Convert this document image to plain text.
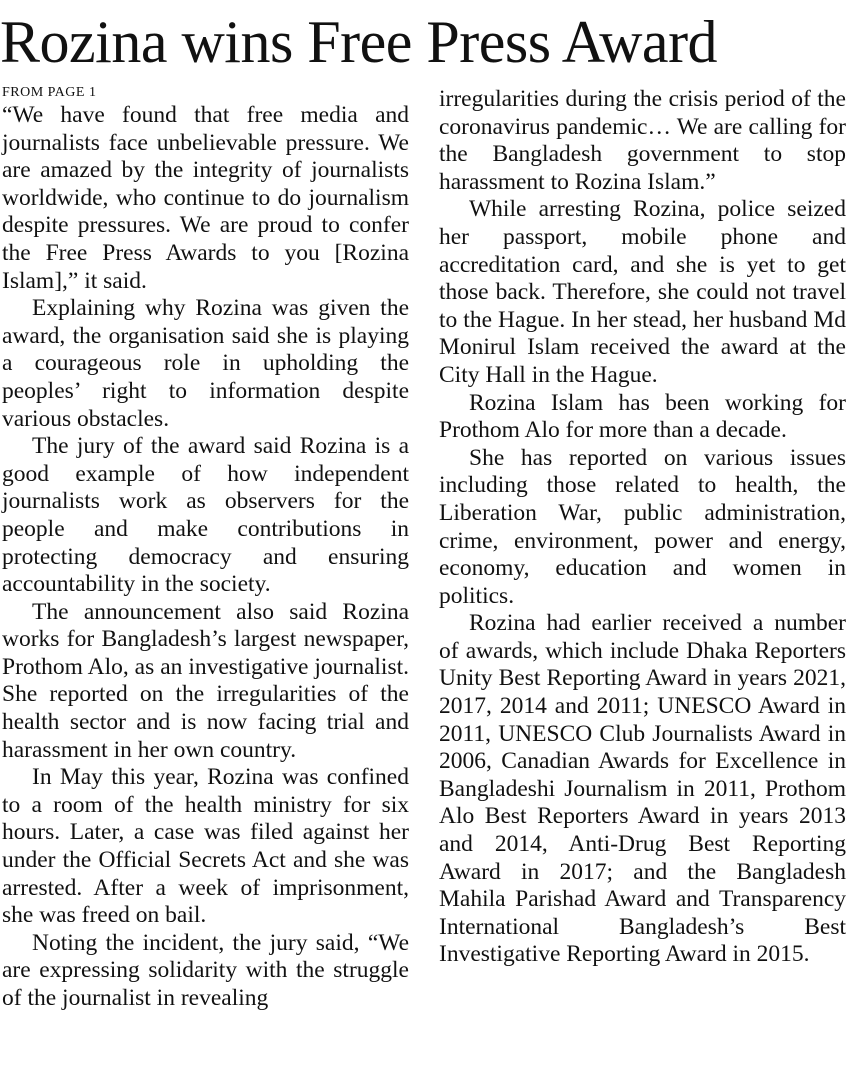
Rozina wins Free Press Award

FROM PAGE 1

“We have found that free media and journalists face unbelievable pressure. We are amazed by the integrity of journalists worldwide, who continue to do journalism despite pressures. We are proud to confer the Free Press Awards to you [Rozina Islam],” it said.

Explaining why Rozina was given the award, the organisation said she is playing a courageous role in upholding the peoples’ right to information despite various obstacles.

The jury of the award said Rozina is a good example of how independent journalists work as observers for the people and make contributions in protecting democracy and ensuring accountability in the society.

The announcement also said Rozina works for Bangladesh’s largest newspaper, Prothom Alo, as an investigative journalist. She reported on the irregularities of the health sector and is now facing trial and harassment in her own country.

In May this year, Rozina was confined to a room of the health ministry for six hours. Later, a case was filed against her under the Official Secrets Act and she was arrested. After a week of imprisonment, she was freed on bail.

Noting the incident, the jury said, “We are expressing solidarity with the struggle of the journalist in revealing

irregularities during the crisis period of the coronavirus pandemic… We are calling for the Bangladesh government to stop harassment to Rozina Islam.”

While arresting Rozina, police seized her passport, mobile phone and accreditation card, and she is yet to get those back. Therefore, she could not travel to the Hague. In her stead, her husband Md Monirul Islam received the award at the City Hall in the Hague.

Rozina Islam has been working for Prothom Alo for more than a decade.

She has reported on various issues including those related to health, the Liberation War, public administration, crime, environment, power and energy, economy, education and women in politics.

Rozina had earlier received a number of awards, which include Dhaka Reporters Unity Best Reporting Award in years 2021, 2017, 2014 and 2011; UNESCO Award in 2011, UNESCO Club Journalists Award in 2006, Canadian Awards for Excellence in Bangladeshi Journalism in 2011, Prothom Alo Best Reporters Award in years 2013 and 2014, Anti-Drug Best Reporting Award in 2017; and the Bangladesh Mahila Parishad Award and Transparency International Bangladesh’s Best Investigative Reporting Award in 2015.
